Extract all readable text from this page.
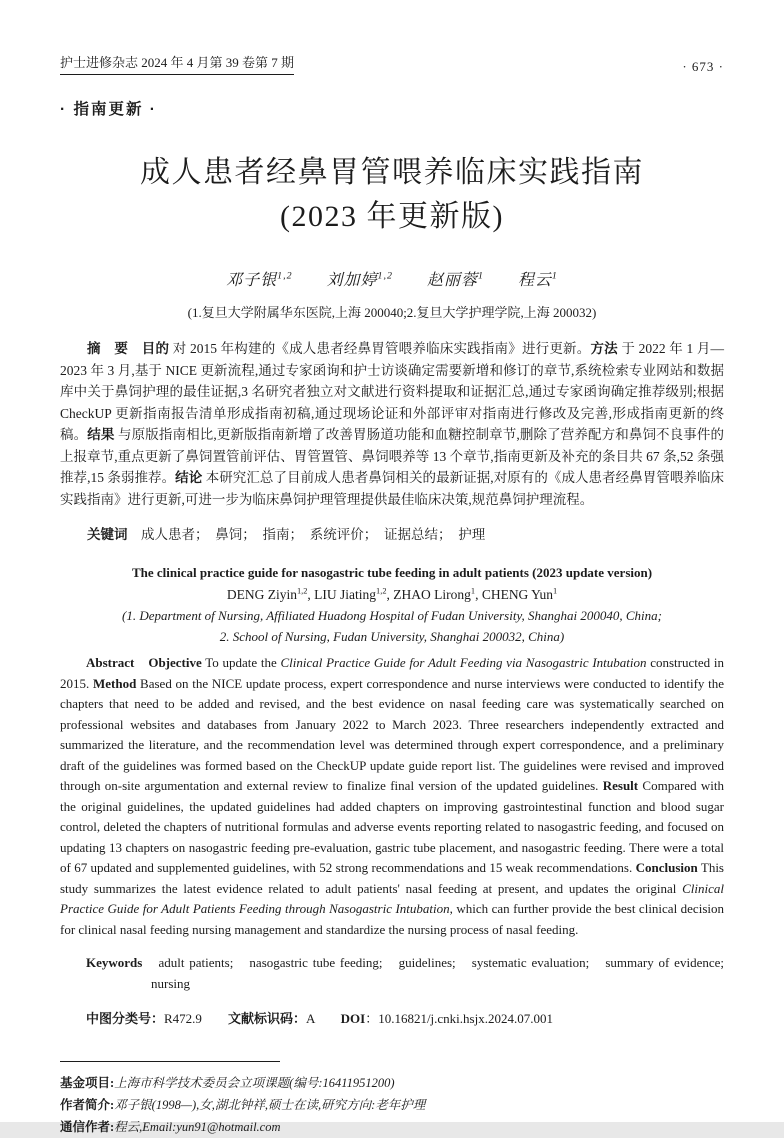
护士进修杂志 2024 年 4 月第 39 卷第 7 期	· 673 ·
· 指南更新 ·
成人患者经鼻胃管喂养临床实践指南
(2023 年更新版)
邓子银$^{1,2}$　　刘加婷$^{1,2}$　　赵丽蓉$^1$　　程云$^1$
(1.复旦大学附属华东医院,上海 200040;2.复旦大学护理学院,上海 200032)

摘　要　目的 对 2015 年构建的《成人患者经鼻胃管喂养临床实践指南》进行更新。方法 于 2022 年 1 月—2023 年 3 月,基于 NICE 更新流程,通过专家函询和护士访谈确定需要新增和修订的章节,系统检索专业网站和数据库中关于鼻饲护理的最佳证据,3 名研究者独立对文献进行资料提取和证据汇总,通过专家函询确定推荐级别;根据 CheckUP 更新指南报告清单形成指南初稿,通过现场论证和外部评审对指南进行修改及完善,形成指南更新的终稿。结果 与原版指南相比,更新版指南新增了改善胃肠道功能和血糖控制章节,删除了营养配方和鼻饲不良事件的上报章节,重点更新了鼻饲置管前评估、胃管置管、鼻饲喂养等 13 个章节,指南更新及补充的条目共 67 条,52 条强推荐,15 条弱推荐。结论 本研究汇总了目前成人患者鼻饲相关的最新证据,对原有的《成人患者经鼻胃管喂养临床实践指南》进行更新,可进一步为临床鼻饲护理管理提供最佳临床决策,规范鼻饲护理流程。

关键词　成人患者；　鼻饲；　指南；　系统评价；　证据总结；　护理

The clinical practice guide for nasogastric tube feeding in adult patients (2023 update version)
DENG Ziyin$^{1,2}$, LIU Jiating$^{1,2}$, ZHAO Lirong$^1$, CHENG Yun$^1$
(1. Department of Nursing, Affiliated Huadong Hospital of Fudan University, Shanghai 200040, China;
2. School of Nursing, Fudan University, Shanghai 200032, China)

Abstract　Objective To update the Clinical Practice Guide for Adult Feeding via Nasogastric Intubation constructed in 2015. Method Based on the NICE update process, expert correspondence and nurse interviews were conducted to identify the chapters that need to be added and revised, and the best evidence on nasal feeding care was systematically searched on professional websites and databases from January 2022 to March 2023. Three researchers independently extracted and summarized the literature, and the recommendation level was determined through expert correspondence, and a preliminary draft of the guidelines was formed based on the CheckUP update guide report list. The guidelines were revised and improved through on-site argumentation and external review to finalize final version of the updated guidelines. Result Compared with the original guidelines, the updated guidelines had added chapters on improving gastrointestinal function and blood sugar control, deleted the chapters of nutritional formulas and adverse events reporting related to nasogastric feeding, and focused on updating 13 chapters on nasogastric feeding pre-evaluation, gastric tube placement, and nasogastric feeding. There were a total of 67 updated and supplemented guidelines, with 52 strong recommendations and 15 weak recommendations. Conclusion This study summarizes the latest evidence related to adult patients' nasal feeding at present, and updates the original Clinical Practice Guide for Adult Patients Feeding through Nasogastric Intubation, which can further provide the best clinical decision for clinical nasal feeding nursing management and standardize the nursing process of nasal feeding.

Keywords　adult patients;　nasogastric tube feeding;　guidelines;　systematic evaluation;　summary of evidence;　nursing

中图分类号：R472.9　　文献标识码：A　　DOI：10.16821/j.cnki.hsjx.2024.07.001
基金项目:上海市科学技术委员会立项课题(编号:16411951200)
作者简介:邓子银(1998—),女,湖北钟祥,硕士在读,研究方向:老年护理
通信作者:程云,Email:yun91@hotmail.com
